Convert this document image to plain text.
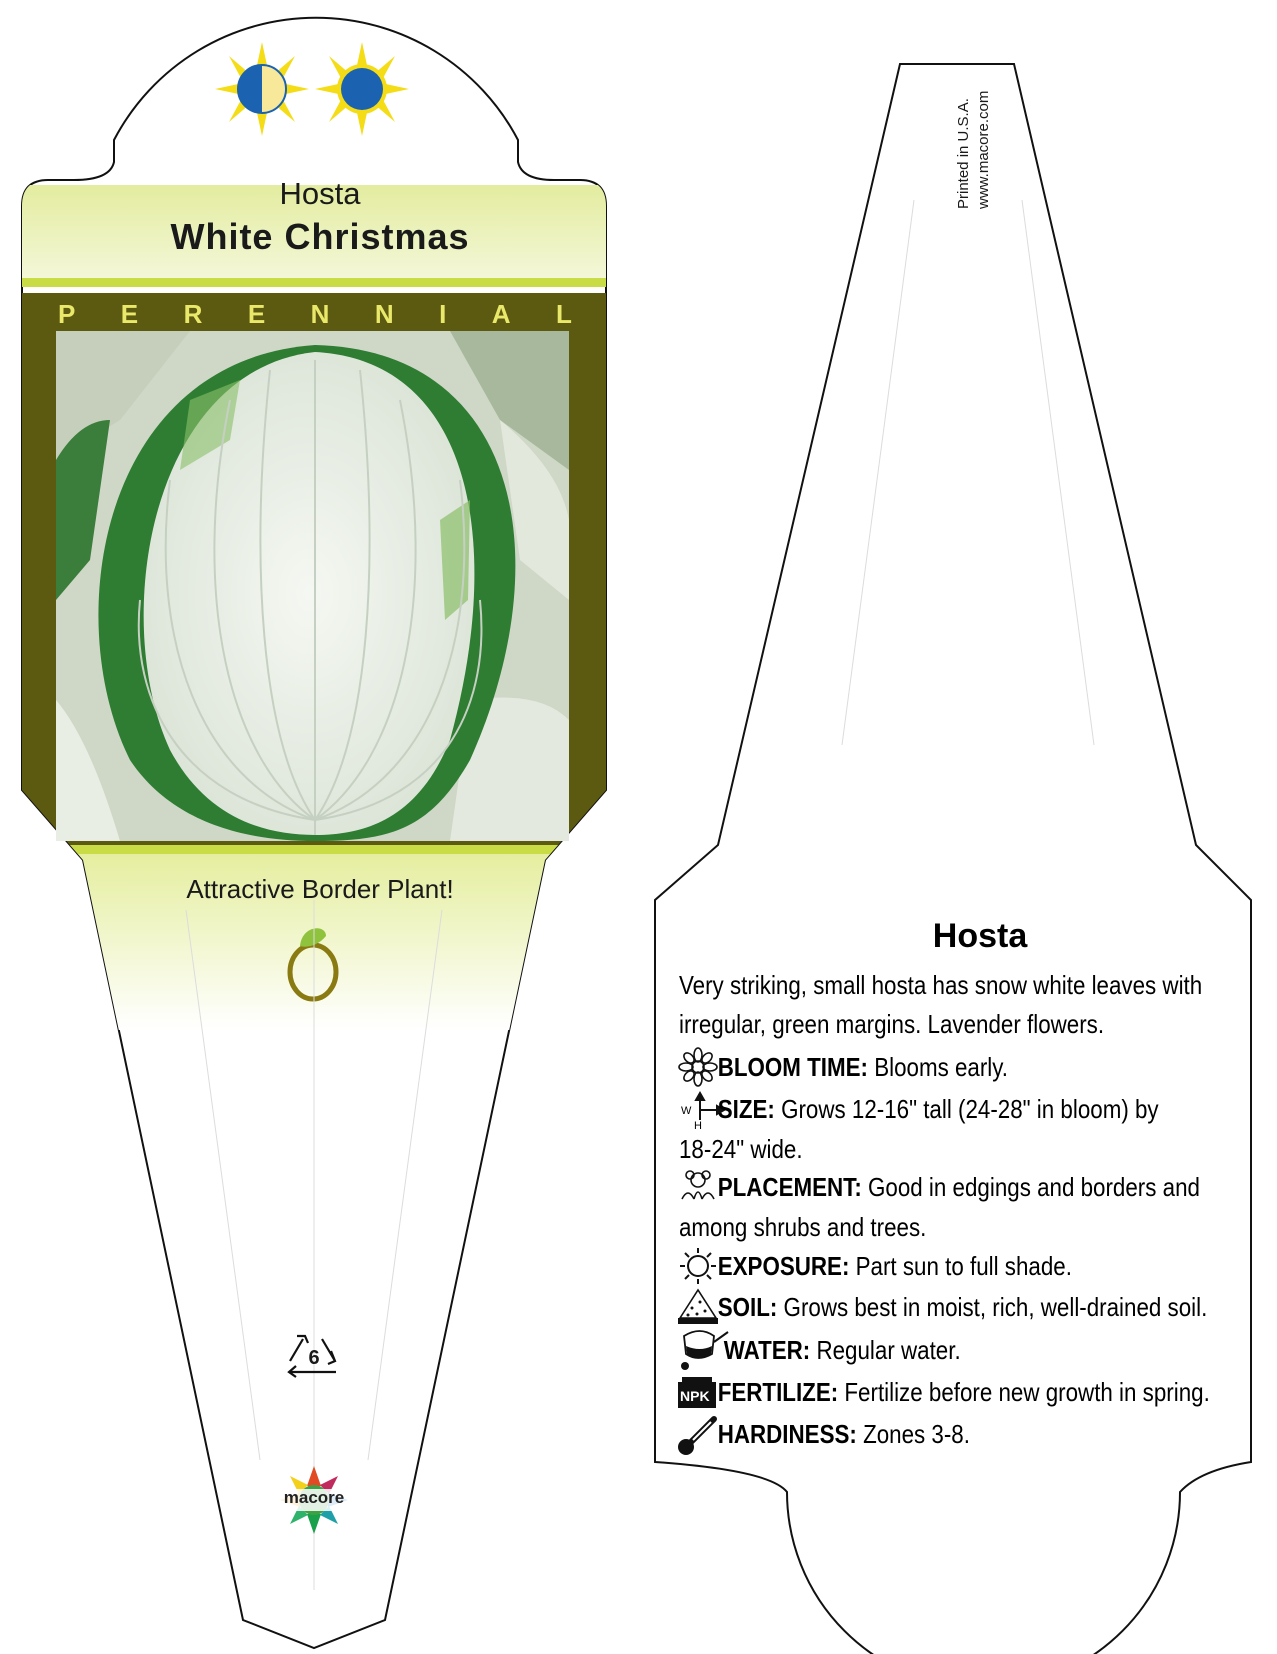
W
H
NPK
Hosta
White Christmas
P E R E N N I A L
Attractive Border Plant!
6
macore
Printed in U.S.A. www.macore.com
Hosta
Very striking, small hosta has snow white leaves with irregular, green margins. Lavender flowers.
BLOOM TIME: Blooms early.
SIZE: Grows 12-16" tall (24-28" in bloom) by
18-24" wide.
PLACEMENT: Good in edgings and borders and
among shrubs and trees.
EXPOSURE: Part sun to full shade.
SOIL: Grows best in moist, rich, well-drained soil.
WATER: Regular water.
FERTILIZE: Fertilize before new growth in spring.
HARDINESS: Zones 3-8.
